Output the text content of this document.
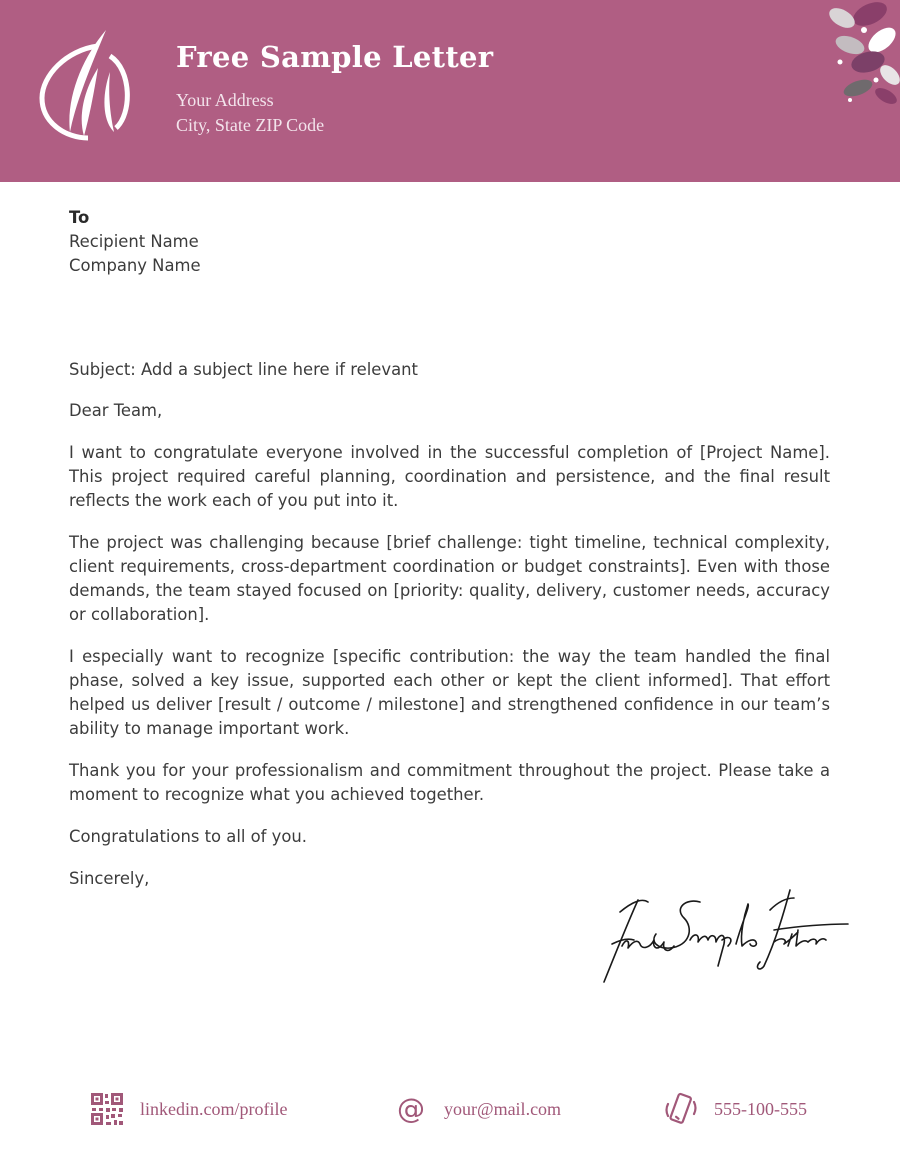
Free Sample Letter
Your Address
City, State ZIP Code
To
Recipient Name
Company Name
Subject: Add a subject line here if relevant
Dear Team,
I want to congratulate everyone involved in the successful completion of [Project Name]. This project required careful planning, coordination and persistence, and the final result reflects the work each of you put into it.
The project was challenging because [brief challenge: tight timeline, technical complexity, client requirements, cross-department coordination or budget constraints]. Even with those demands, the team stayed focused on [priority: quality, delivery, customer needs, accuracy or collaboration].
I especially want to recognize [specific contribution: the way the team handled the final phase, solved a key issue, supported each other or kept the client informed]. That effort helped us deliver [result / outcome / milestone] and strengthened confidence in our team’s ability to manage important work.
Thank you for your professionalism and commitment throughout the project. Please take a moment to recognize what you achieved together.
Congratulations to all of you.
Sincerely,
linkedin.com/profile	@ your@mail.com	555-100-555
